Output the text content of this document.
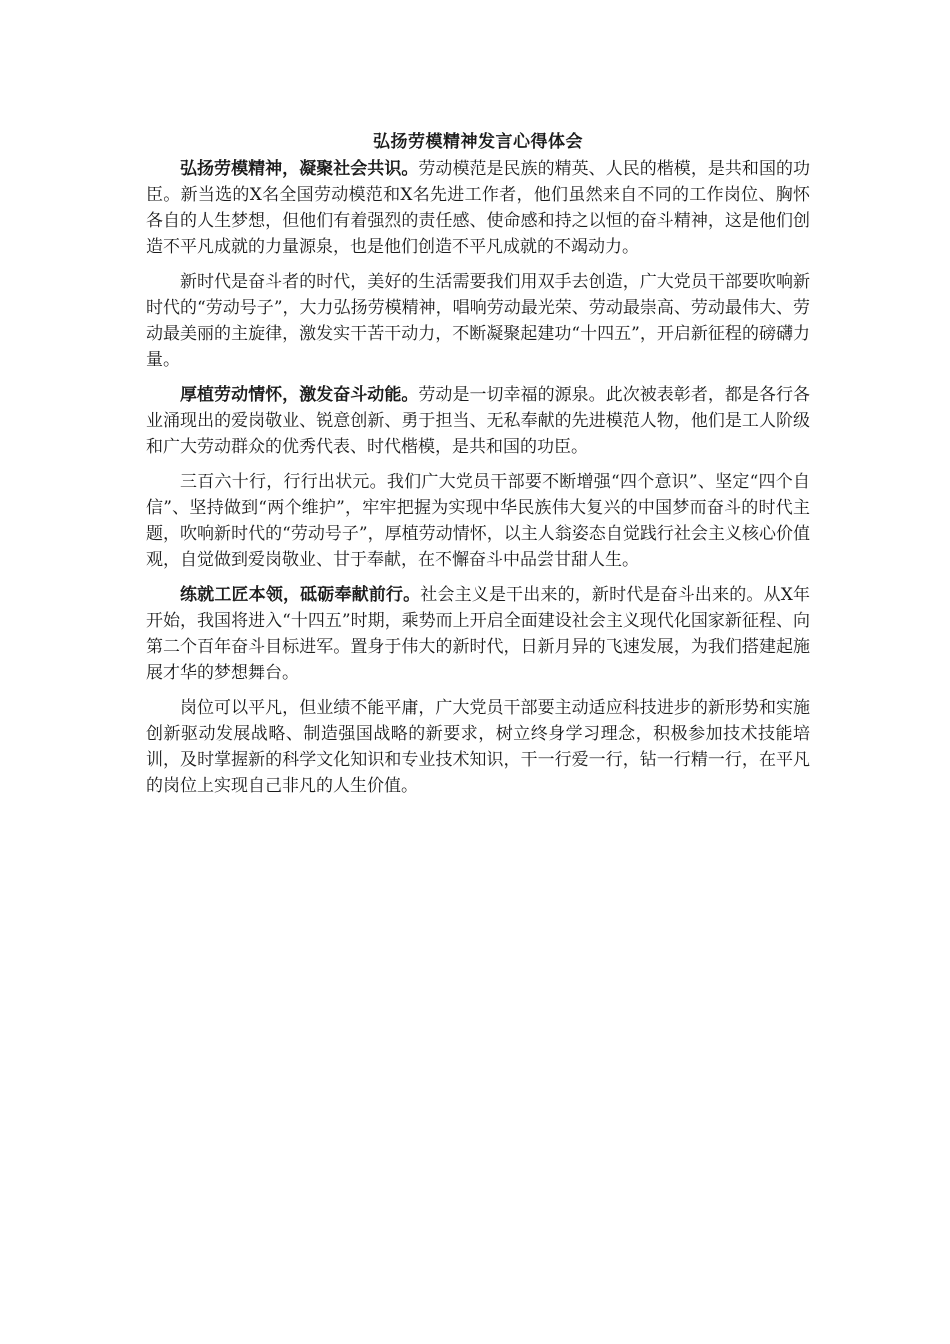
弘扬劳模精神发言心得体会

弘扬劳模精神，凝聚社会共识。劳动模范是民族的精英、人民的楷模，是共和国的功臣。新当选的X名全国劳动模范和X名先进工作者，他们虽然来自不同的工作岗位、胸怀各自的人生梦想，但他们有着强烈的责任感、使命感和持之以恒的奋斗精神，这是他们创造不平凡成就的力量源泉，也是他们创造不平凡成就的不竭动力。

新时代是奋斗者的时代，美好的生活需要我们用双手去创造，广大党员干部要吹响新时代的“劳动号子”，大力弘扬劳模精神，唱响劳动最光荣、劳动最崇高、劳动最伟大、劳动最美丽的主旋律，激发实干苦干动力，不断凝聚起建功“十四五”，开启新征程的磅礴力量。

厚植劳动情怀，激发奋斗动能。劳动是一切幸福的源泉。此次被表彰者，都是各行各业涌现出的爱岗敬业、锐意创新、勇于担当、无私奉献的先进模范人物，他们是工人阶级和广大劳动群众的优秀代表、时代楷模，是共和国的功臣。

三百六十行，行行出状元。我们广大党员干部要不断增强“四个意识”、坚定“四个自信”、坚持做到“两个维护”，牢牢把握为实现中华民族伟大复兴的中国梦而奋斗的时代主题，吹响新时代的“劳动号子”，厚植劳动情怀，以主人翁姿态自觉践行社会主义核心价值观，自觉做到爱岗敬业、甘于奉献，在不懈奋斗中品尝甘甜人生。

练就工匠本领，砥砺奉献前行。社会主义是干出来的，新时代是奋斗出来的。从X年开始，我国将进入“十四五”时期，乘势而上开启全面建设社会主义现代化国家新征程、向第二个百年奋斗目标进军。置身于伟大的新时代，日新月异的飞速发展，为我们搭建起施展才华的梦想舞台。

岗位可以平凡，但业绩不能平庸，广大党员干部要主动适应科技进步的新形势和实施创新驱动发展战略、制造强国战略的新要求，树立终身学习理念，积极参加技术技能培训，及时掌握新的科学文化知识和专业技术知识，干一行爱一行，钻一行精一行，在平凡的岗位上实现自己非凡的人生价值。
